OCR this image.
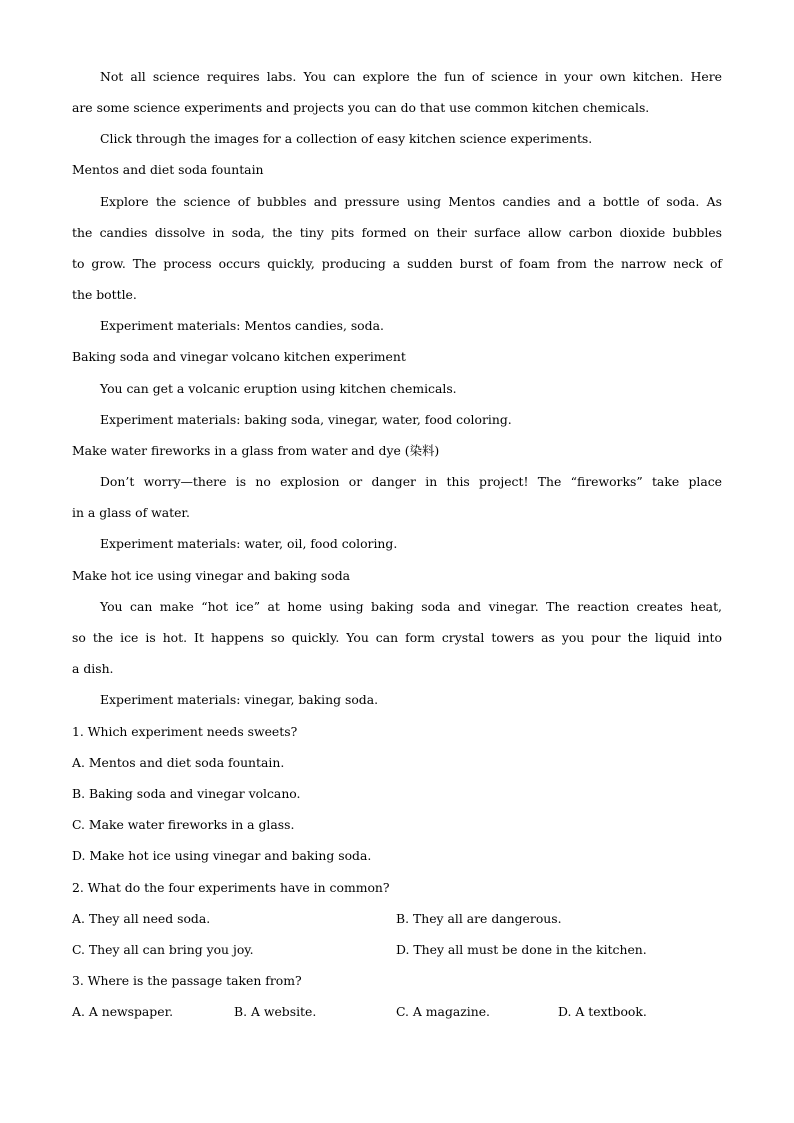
Not all science requires labs. You can explore the fun of science in your own kitchen. Here
are some science experiments and projects you can do that use common kitchen chemicals.
Click through the images for a collection of easy kitchen science experiments.
Mentos and diet soda fountain
Explore the science of bubbles and pressure using Mentos candies and a bottle of soda. As
the candies dissolve in soda, the tiny pits formed on their surface allow carbon dioxide bubbles
to grow. The process occurs quickly, producing a sudden burst of foam from the narrow neck of
the bottle.
Experiment materials: Mentos candies, soda.
Baking soda and vinegar volcano kitchen experiment
You can get a volcanic eruption using kitchen chemicals.
Experiment materials: baking soda, vinegar, water, food coloring.
Make water fireworks in a glass from water and dye (染料)
Don’t worry—there is no explosion or danger in this project! The “fireworks” take place
in a glass of water.
Experiment materials: water, oil, food coloring.
Make hot ice using vinegar and baking soda
You can make “hot ice” at home using baking soda and vinegar. The reaction creates heat,
so the ice is hot. It happens so quickly. You can form crystal towers as you pour the liquid into
a dish.
Experiment materials: vinegar, baking soda.
1. Which experiment needs sweets?
A. Mentos and diet soda fountain.
B. Baking soda and vinegar volcano.
C. Make water fireworks in a glass.
D. Make hot ice using vinegar and baking soda.
2. What do the four experiments have in common?
A. They all need soda.	B. They all are dangerous.
C. They all can bring you joy.	D. They all must be done in the kitchen.
3. Where is the passage taken from?
A. A newspaper.	B. A website.	C. A magazine.	D. A textbook.
